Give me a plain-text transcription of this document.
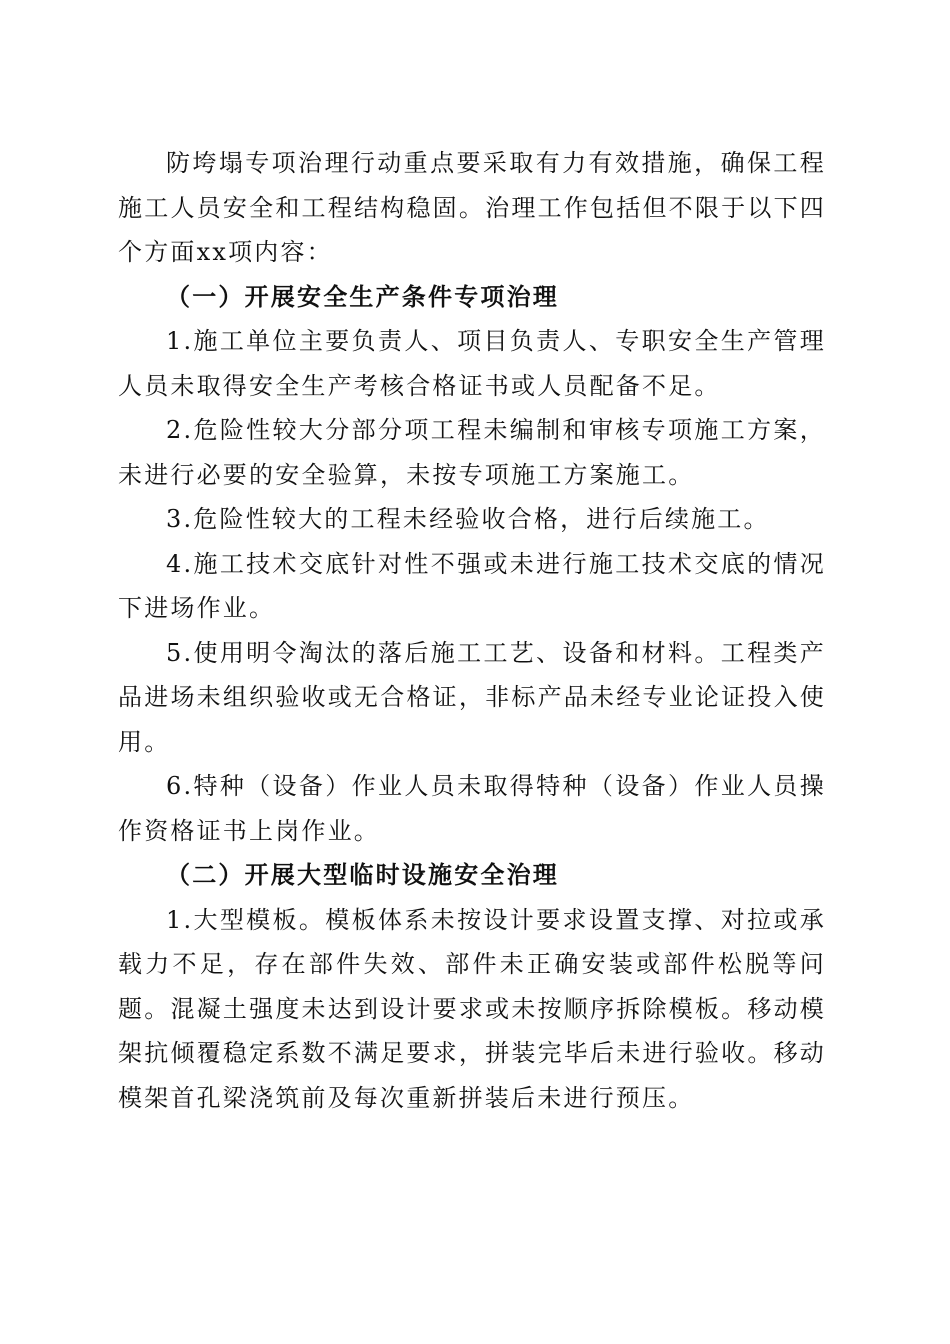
防垮塌专项治理行动重点要采取有力有效措施，确保工程施工人员安全和工程结构稳固。治理工作包括但不限于以下四个方面xx项内容：

（一）开展安全生产条件专项治理

1.施工单位主要负责人、项目负责人、专职安全生产管理人员未取得安全生产考核合格证书或人员配备不足。

2.危险性较大分部分项工程未编制和审核专项施工方案，未进行必要的安全验算，未按专项施工方案施工。

3.危险性较大的工程未经验收合格，进行后续施工。

4.施工技术交底针对性不强或未进行施工技术交底的情况下进场作业。

5.使用明令淘汰的落后施工工艺、设备和材料。工程类产品进场未组织验收或无合格证，非标产品未经专业论证投入使用。

6.特种（设备）作业人员未取得特种（设备）作业人员操作资格证书上岗作业。

（二）开展大型临时设施安全治理

1.大型模板。模板体系未按设计要求设置支撑、对拉或承载力不足，存在部件失效、部件未正确安装或部件松脱等问题。混凝土强度未达到设计要求或未按顺序拆除模板。移动模架抗倾覆稳定系数不满足要求，拼装完毕后未进行验收。移动模架首孔梁浇筑前及每次重新拼装后未进行预压。
